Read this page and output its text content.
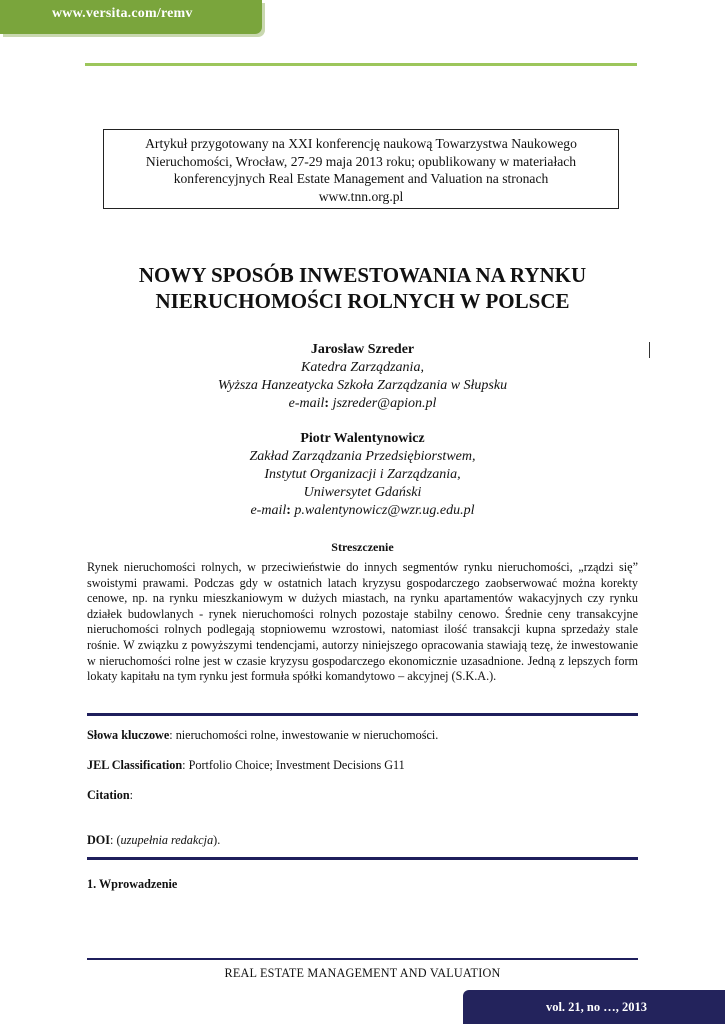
www.versita.com/remv
Artykuł przygotowany na XXI konferencję naukową Towarzystwa Naukowego
Nieruchomości, Wrocław, 27-29 maja 2013 roku; opublikowany w materiałach
konferencyjnych Real Estate Management and Valuation na stronach
www.tnn.org.pl
NOWY SPOSÓB INWESTOWANIA NA RYNKU
NIERUCHOMOŚCI ROLNYCH W POLSCE
Jarosław Szreder
Katedra Zarządzania,
Wyższa Hanzeatycka Szkoła Zarządzania w Słupsku
e-mail: jszreder@apion.pl
Piotr Walentynowicz
Zakład Zarządzania Przedsiębiorstwem,
Instytut Organizacji i Zarządzania,
Uniwersytet Gdański
e-mail: p.walentynowicz@wzr.ug.edu.pl
Streszczenie

Rynek nieruchomości rolnych, w przeciwieństwie do innych segmentów rynku nieruchomości, „rządzi się” swoistymi prawami. Podczas gdy w ostatnich latach kryzysu gospodarczego zaobserwować można korekty cenowe, np. na rynku mieszkaniowym w dużych miastach, na rynku apartamentów wakacyjnych czy rynku działek budowlanych - rynek nieruchomości rolnych pozostaje stabilny cenowo. Średnie ceny transakcyjne nieruchomości rolnych podlegają stopniowemu wzrostowi, natomiast ilość transakcji kupna sprzedaży stale rośnie. W związku z powyższymi tendencjami, autorzy niniejszego opracowania stawiają tezę, że inwestowanie w nieruchomości rolne jest w czasie kryzysu gospodarczego ekonomicznie uzasadnione. Jedną z lepszych form lokaty kapitału na tym rynku jest formuła spółki komandytowo – akcyjnej (S.K.A.).

Słowa kluczowe: nieruchomości rolne, inwestowanie w nieruchomości.
JEL Classification: Portfolio Choice; Investment Decisions G11
Citation:
DOI: (uzupełnia redakcja).
1. Wprowadzenie
REAL ESTATE MANAGEMENT AND VALUATION
vol. 21, no …, 2013
